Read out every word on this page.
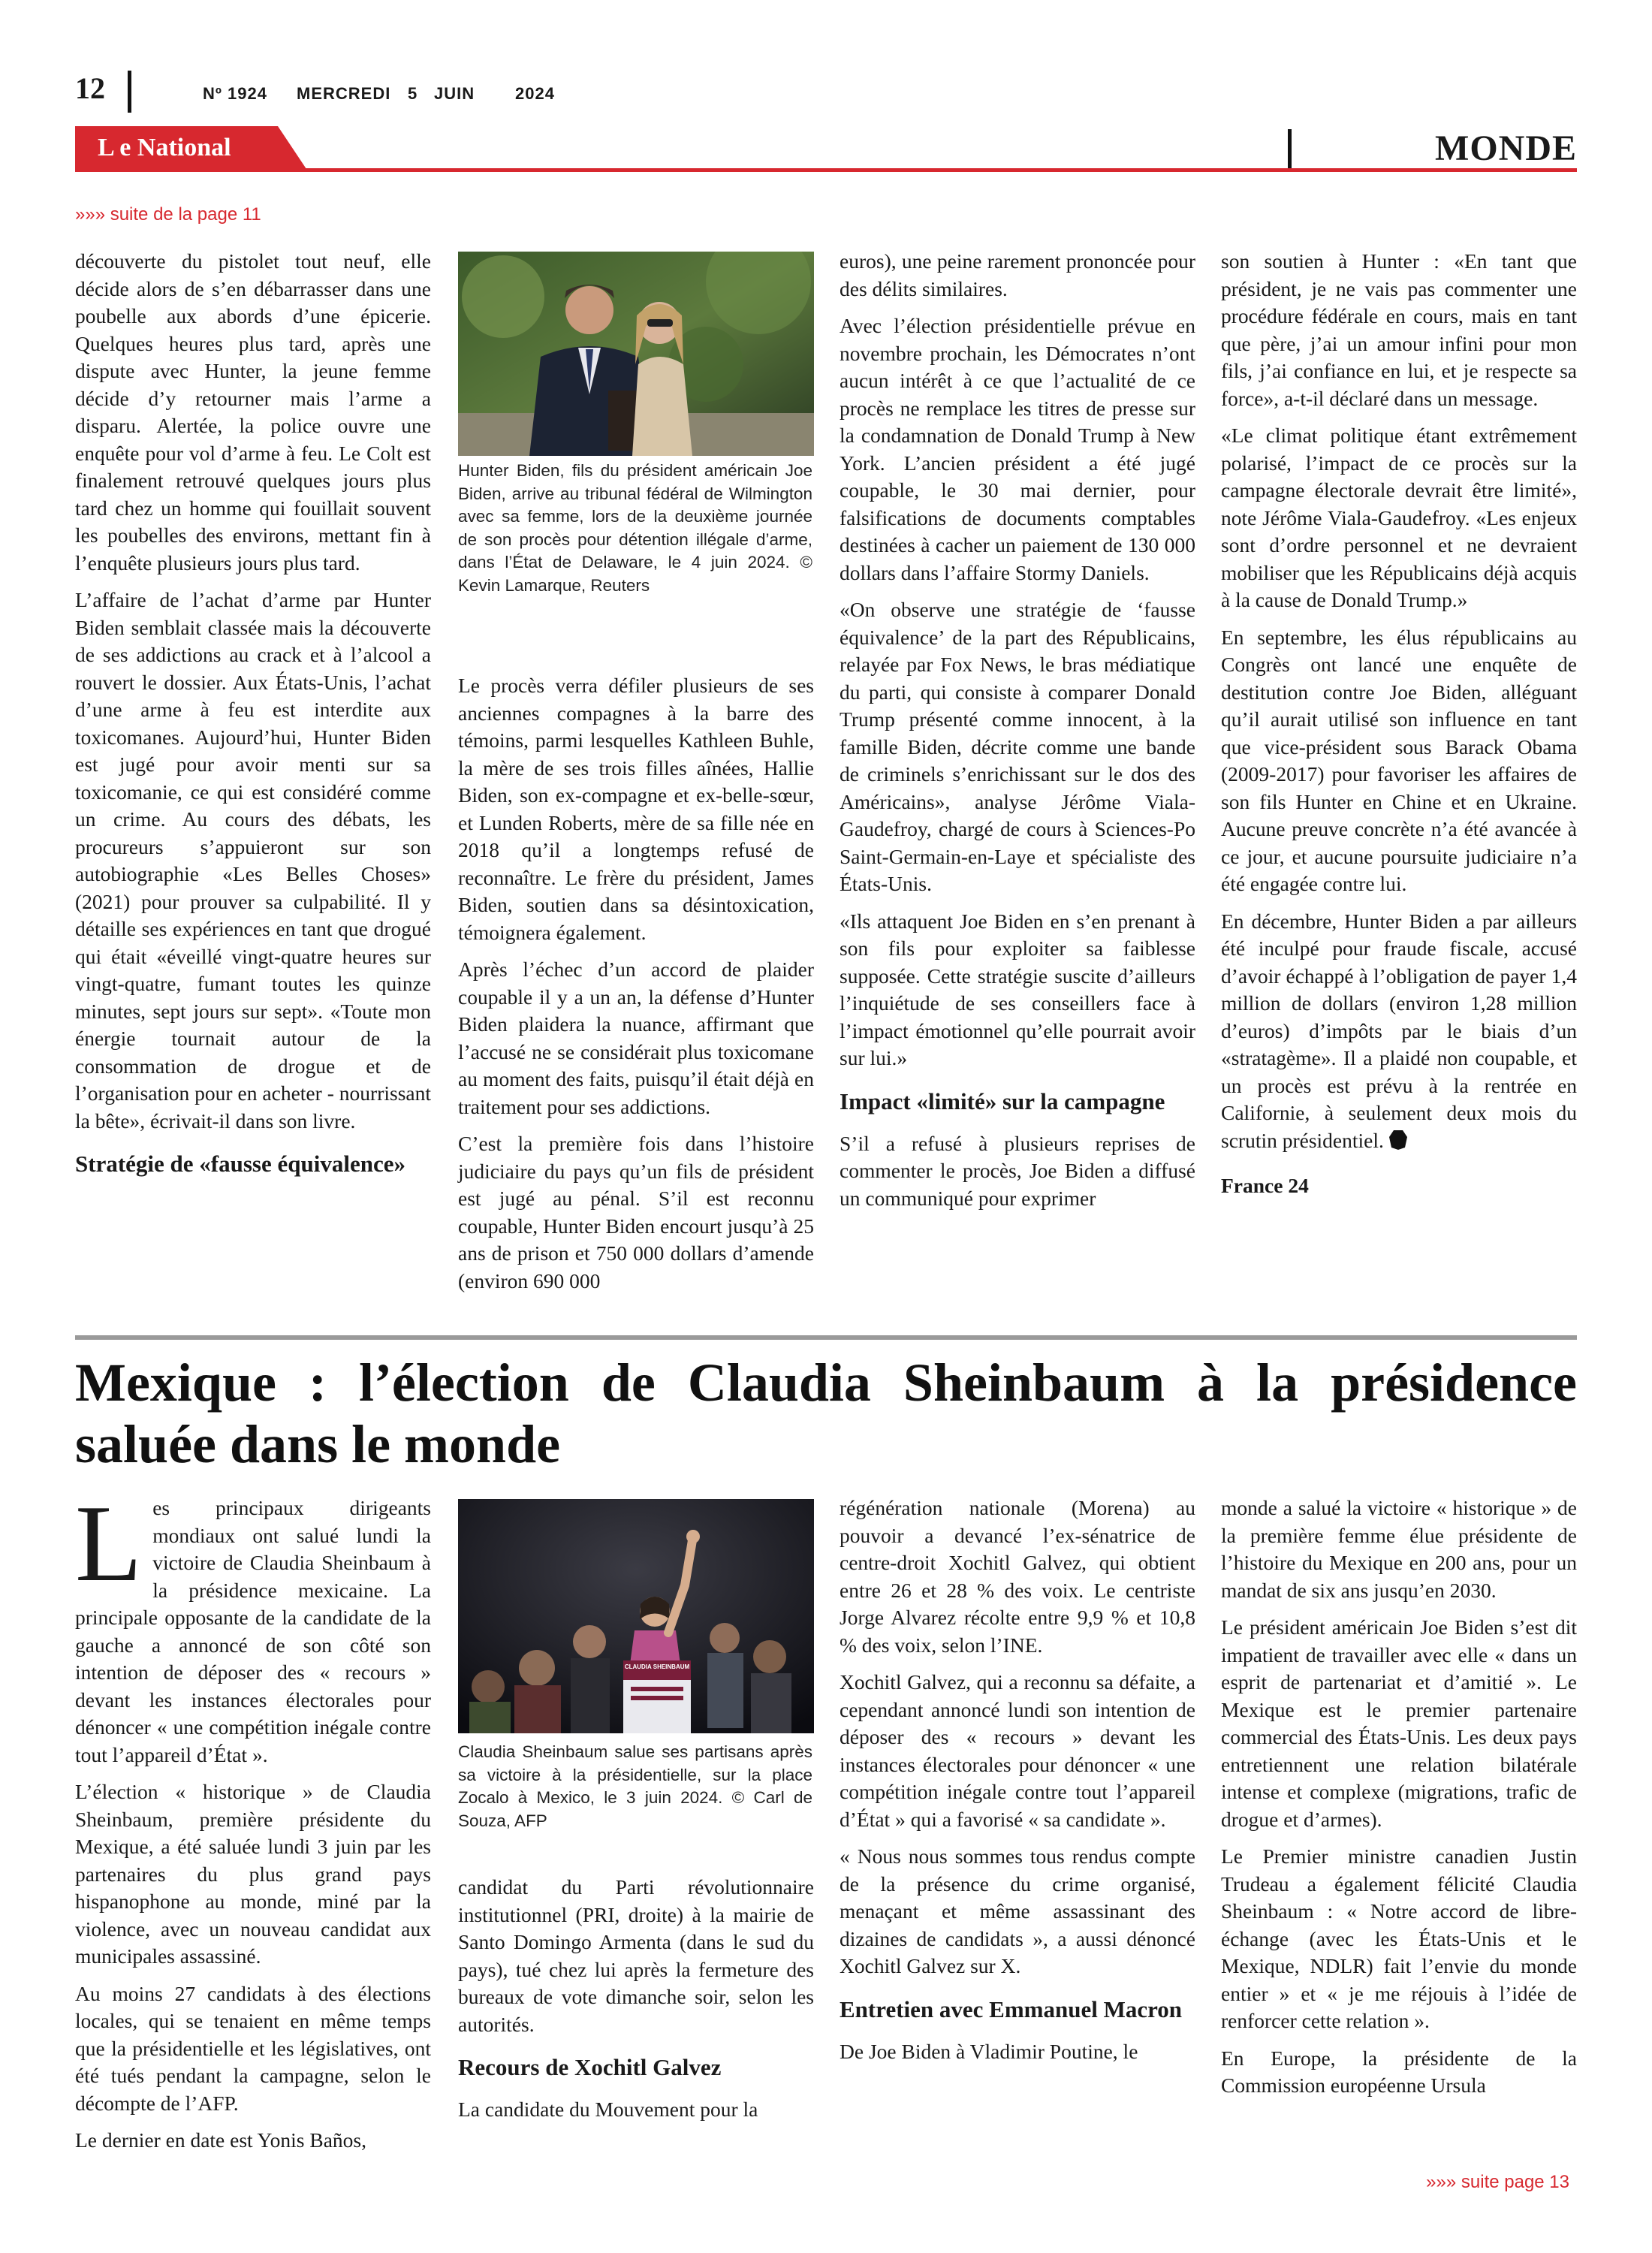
12	Nº 1924 MERCREDI 5 JUIN 2024
L e National	MONDE
»»» suite de la page 11

découverte du pistolet tout neuf, elle décide alors de s’en débarrasser dans une poubelle aux abords d’une épicerie. Quelques heures plus tard, après une dispute avec Hunter, la jeune femme décide d’y retourner mais l’arme a disparu. Alertée, la police ouvre une enquête pour vol d’arme à feu. Le Colt est finalement retrouvé quelques jours plus tard chez un homme qui fouillait souvent les poubelles des environs, mettant fin à l’enquête plusieurs jours plus tard.

L’affaire de l’achat d’arme par Hunter Biden semblait classée mais la découverte de ses addictions au crack et à l’alcool a rouvert le dossier. Aux États-Unis, l’achat d’une arme à feu est interdite aux toxicomanes. Aujourd’hui, Hunter Biden est jugé pour avoir menti sur sa toxicomanie, ce qui est considéré comme un crime. Au cours des débats, les procureurs s’appuieront sur son autobiographie «Les Belles Choses» (2021) pour prouver sa culpabilité. Il y détaille ses expériences en tant que drogué qui était «éveillé vingt-quatre heures sur vingt-quatre, fumant toutes les quinze minutes, sept jours sur sept». «Toute mon énergie tournait autour de la consommation de drogue et de l’organisation pour en acheter - nourrissant la bête», écrivait-il dans son livre.

Stratégie de «fausse équivalence»
Hunter Biden, fils du président américain Joe Biden, arrive au tribunal fédéral de Wilmington avec sa femme, lors de la deuxième journée de son procès pour détention illégale d’arme, dans l’État de Delaware, le 4 juin 2024. © Kevin Lamarque, Reuters

Le procès verra défiler plusieurs de ses anciennes compagnes à la barre des témoins, parmi lesquelles Kathleen Buhle, la mère de ses trois filles aînées, Hallie Biden, son ex-compagne et ex-belle-sœur, et Lunden Roberts, mère de sa fille née en 2018 qu’il a longtemps refusé de reconnaître. Le frère du président, James Biden, soutien dans sa désintoxication, témoignera également.

Après l’échec d’un accord de plaider coupable il y a un an, la défense d’Hunter Biden plaidera la nuance, affirmant que l’accusé ne se considérait plus toxicomane au moment des faits, puisqu’il était déjà en traitement pour ses addictions.

C’est la première fois dans l’histoire judiciaire du pays qu’un fils de président est jugé au pénal. S’il est reconnu coupable, Hunter Biden encourt jusqu’à 25 ans de prison et 750 000 dollars d’amende (environ 690 000

euros), une peine rarement prononcée pour des délits similaires.

Avec l’élection présidentielle prévue en novembre prochain, les Démocrates n’ont aucun intérêt à ce que l’actualité de ce procès ne remplace les titres de presse sur la condamnation de Donald Trump à New York. L’ancien président a été jugé coupable, le 30 mai dernier, pour falsifications de documents comptables destinées à cacher un paiement de 130 000 dollars dans l’affaire Stormy Daniels.

«On observe une stratégie de ‘fausse équivalence’ de la part des Républicains, relayée par Fox News, le bras médiatique du parti, qui consiste à comparer Donald Trump présenté comme innocent, à la famille Biden, décrite comme une bande de criminels s’enrichissant sur le dos des Américains», analyse Jérôme Viala-Gaudefroy, chargé de cours à Sciences-Po Saint-Germain-en-Laye et spécialiste des États-Unis.

«Ils attaquent Joe Biden en s’en prenant à son fils pour exploiter sa faiblesse supposée. Cette stratégie suscite d’ailleurs l’inquiétude de ses conseillers face à l’impact émotionnel qu’elle pourrait avoir sur lui.»

Impact «limité» sur la campagne

S’il a refusé à plusieurs reprises de commenter le procès, Joe Biden a diffusé un communiqué pour exprimer

son soutien à Hunter : «En tant que président, je ne vais pas commenter une procédure fédérale en cours, mais en tant que père, j’ai un amour infini pour mon fils, j’ai confiance en lui, et je respecte sa force», a-t-il déclaré dans un message.

«Le climat politique étant extrêmement polarisé, l’impact de ce procès sur la campagne électorale devrait être limité», note Jérôme Viala-Gaudefroy. «Les enjeux sont d’ordre personnel et ne devraient mobiliser que les Républicains déjà acquis à la cause de Donald Trump.»

En septembre, les élus républicains au Congrès ont lancé une enquête de destitution contre Joe Biden, alléguant qu’il aurait utilisé son influence en tant que vice-président sous Barack Obama (2009-2017) pour favoriser les affaires de son fils Hunter en Chine et en Ukraine. Aucune preuve concrète n’a été avancée à ce jour, et aucune poursuite judiciaire n’a été engagée contre lui.

En décembre, Hunter Biden a par ailleurs été inculpé pour fraude fiscale, accusé d’avoir échappé à l’obligation de payer 1,4 million de dollars (environ 1,28 million d’euros) d’impôts par le biais d’un «stratagème». Il a plaidé non coupable, et un procès est prévu à la rentrée en Californie, à seulement deux mois du scrutin présidentiel.

France 24
Mexique : l’élection de Claudia Sheinbaum à la présidence saluée dans le monde

Les principaux dirigeants mondiaux ont salué lundi la victoire de Claudia Sheinbaum à la présidence mexicaine. La principale opposante de la candidate de la gauche a annoncé de son côté son intention de déposer des « recours » devant les instances électorales pour dénoncer « une compétition inégale contre tout l’appareil d’État ».

L’élection « historique » de Claudia Sheinbaum, première présidente du Mexique, a été saluée lundi 3 juin par les partenaires du plus grand pays hispanophone au monde, miné par la violence, avec un nouveau candidat aux municipales assassiné.

Au moins 27 candidats à des élections locales, qui se tenaient en même temps que la présidentielle et les législatives, ont été tués pendant la campagne, selon le décompte de l’AFP.

Le dernier en date est Yonis Baños,

CLAUDIA SHEINBAUM
Claudia Sheinbaum salue ses partisans après sa victoire à la présidentielle, sur la place Zocalo à Mexico, le 3 juin 2024. © Carl de Souza, AFP

candidat du Parti révolutionnaire institutionnel (PRI, droite) à la mairie de Santo Domingo Armenta (dans le sud du pays), tué chez lui après la fermeture des bureaux de vote dimanche soir, selon les autorités.

Recours de Xochitl Galvez

La candidate du Mouvement pour la

régénération nationale (Morena) au pouvoir a devancé l’ex-sénatrice de centre-droit Xochitl Galvez, qui obtient entre 26 et 28 % des voix. Le centriste Jorge Alvarez récolte entre 9,9 % et 10,8 % des voix, selon l’INE.

Xochitl Galvez, qui a reconnu sa défaite, a cependant annoncé lundi son intention de déposer des « recours » devant les instances électorales pour dénoncer « une compétition inégale contre tout l’appareil d’État » qui a favorisé « sa candidate ».

« Nous nous sommes tous rendus compte de la présence du crime organisé, menaçant et même assassinant des dizaines de candidats », a aussi dénoncé Xochitl Galvez sur X.

Entretien avec Emmanuel Macron

De Joe Biden à Vladimir Poutine, le

monde a salué la victoire « historique » de la première femme élue présidente de l’histoire du Mexique en 200 ans, pour un mandat de six ans jusqu’en 2030.

Le président américain Joe Biden s’est dit impatient de travailler avec elle « dans un esprit de partenariat et d’amitié ». Le Mexique est le premier partenaire commercial des États-Unis. Les deux pays entretiennent une relation bilatérale intense et complexe (migrations, trafic de drogue et d’armes).

Le Premier ministre canadien Justin Trudeau a également félicité Claudia Sheinbaum : « Notre accord de libre-échange (avec les États-Unis et le Mexique, NDLR) fait l’envie du monde entier » et « je me réjouis à l’idée de renforcer cette relation ».

En Europe, la présidente de la Commission européenne Ursula

»»» suite page 13
